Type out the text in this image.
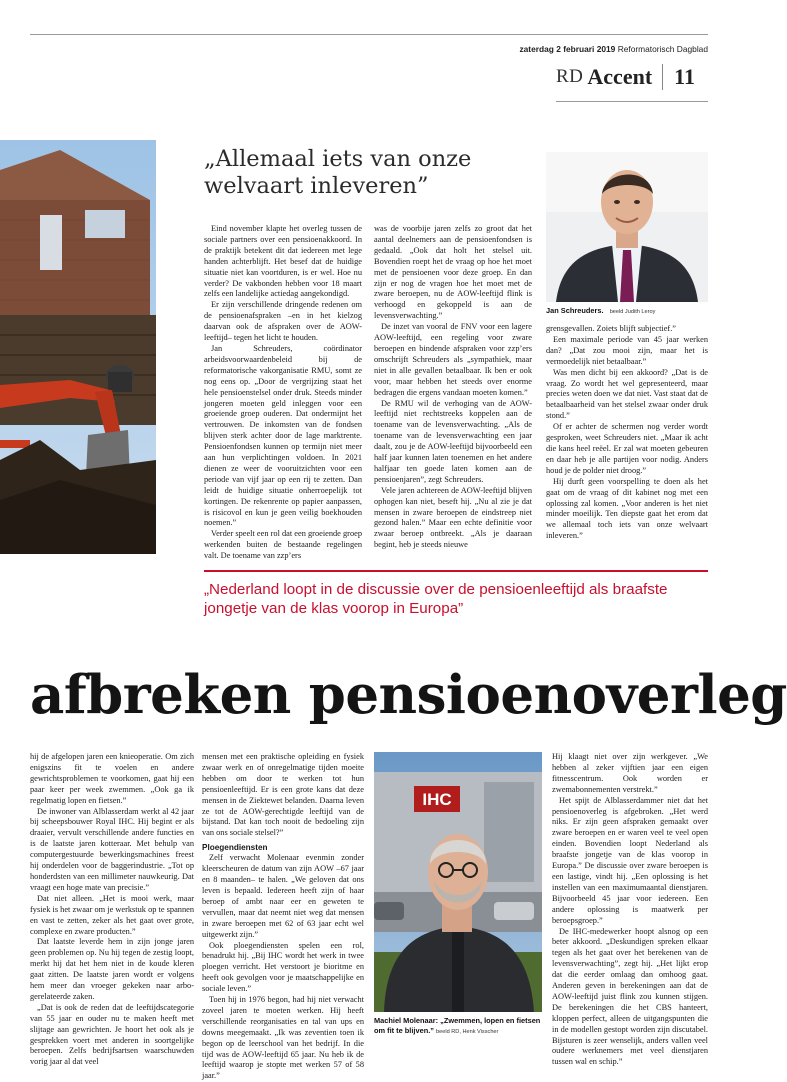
zaterdag 2 februari 2019 Reformatorisch Dagblad
RD Accent 11
„Allemaal iets van onze welvaart inleveren”

Eind november klapte het overleg tussen de sociale partners over een pensioenakkoord. In de praktijk betekent dit dat iedereen met lege handen achterblijft. Het besef dat de huidige situatie niet kan voortduren, is er wel. Hoe nu verder? De vakbonden hebben voor 18 maart zelfs een landelijke actiedag aangekondigd.

Er zijn verschillende dringende redenen om de pensioenafspraken –en in het kielzog daarvan ook de afspraken over de AOW-leeftijd– tegen het licht te houden.

Jan Schreuders, coördinator arbeidsvoorwaardenbeleid bij de reformatorische vakorganisatie RMU, somt ze nog eens op. „Door de vergrijzing staat het hele pensioenstelsel onder druk. Steeds minder jongeren moeten geld inleggen voor een groeiende groep ouderen. Dat ondermijnt het vertrouwen. De inkomsten van de fondsen blijven sterk achter door de lage marktrente. Pensioenfondsen kunnen op termijn niet meer aan hun verplichtingen voldoen. In 2021 dienen ze weer de vooruitzichten voor een periode van vijf jaar op een rij te zetten. Dan leidt de huidige situatie onherroepelijk tot kortingen. De rekenrente op papier aanpassen, is risicovol en kun je geen veilig boekhouden noemen.”

Verder speelt een rol dat een groeiende groep werkenden buiten de bestaande regelingen valt. De toename van zzp’ers

was de voorbije jaren zelfs zo groot dat het aantal deelnemers aan de pensioenfondsen is gedaald. „Ook dat holt het stelsel uit. Bovendien roept het de vraag op hoe het moet met de pensioenen voor deze groep. En dan zijn er nog de vragen hoe het moet met de zware beroepen, nu de AOW-leeftijd flink is verhoogd en gekoppeld is aan de levensverwachting.”

De inzet van vooral de FNV voor een lagere AOW-leeftijd, een regeling voor zware beroepen en bindende afspraken voor zzp’ers omschrijft Schreuders als „sympathiek, maar niet in alle gevallen betaalbaar. Ik ben er ook voor, maar hebben het steeds over enorme bedragen die ergens vandaan moeten komen.”

De RMU wil de verhoging van de AOW-leeftijd niet rechtstreeks koppelen aan de toename van de levensverwachting. „Als de toename van de levensverwachting een jaar daalt, zou je de AOW-leeftijd bijvoorbeeld een half jaar kunnen laten toenemen en het andere halfjaar ten goede laten komen aan de pensioenjaren”, zegt Schreuders.

Vele jaren achtereen de AOW-leeftijd blijven ophogen kan niet, beseft hij. „Nu al zie je dat mensen in zware beroepen de eindstreep niet gezond halen.” Maar een echte definitie voor zwaar beroep ontbreekt. „Als je daaraan begint, heb je steeds nieuwe

Jan Schreuders. beeld Judith Leroy

grensgevallen. Zoiets blijft subjectief.”

Een maximale periode van 45 jaar werken dan? „Dat zou mooi zijn, maar het is vermoedelijk niet betaalbaar.”

Was men dicht bij een akkoord? „Dat is de vraag. Zo wordt het wel gepresenteerd, maar precies weten doen we dat niet. Vast staat dat de betaalbaarheid van het stelsel zwaar onder druk stond.”

Of er achter de schermen nog verder wordt gesproken, weet Schreuders niet. „Maar ik acht die kans heel reëel. Er zal wat moeten gebeuren en daar heb je alle partijen voor nodig. Anders houd je de polder niet droog.”

Hij durft geen voorspelling te doen als het gaat om de vraag of dit kabinet nog met een oplossing zal komen. „Voor anderen is het niet minder moeilijk. Ten diepste gaat het erom dat we allemaal toch iets van onze welvaart inleveren.”

„Nederland loopt in de discussie over de pensioenleeftijd als braafste jongetje van de klas voorop in Europa”
afbreken pensioenoverleg

hij de afgelopen jaren een knieoperatie. Om zich enigszins fit te voelen en andere gewrichtsproblemen te voorkomen, gaat hij een paar keer per week zwemmen. „Ook ga ik regelmatig lopen en fietsen.”

De inwoner van Alblasserdam werkt al 42 jaar bij scheepsbouwer Royal IHC. Hij begint er als draaier, vervult verschillende andere functies en is de laatste jaren kotteraar. Met behulp van computergestuurde bewerkingsmachines freest hij onderdelen voor de baggerindustrie. „Tot op honderdsten van een millimeter nauwkeurig. Dat vraagt een hoge mate van precisie.”

Dat niet alleen. „Het is mooi werk, maar fysiek is het zwaar om je werkstuk op te spannen en vast te zetten, zeker als het gaat over grote, complexe en zware producten.”

Dat laatste leverde hem in zijn jonge jaren geen problemen op. Nu hij tegen de zestig loopt, merkt hij dat het hem niet in de koude kleren gaat zitten. De laatste jaren wordt er volgens hem meer dan vroeger gekeken naar arbo-gerelateerde zaken.

„Dat is ook de reden dat de leeftijdscategorie van 55 jaar en ouder nu te maken heeft met slijtage aan gewrichten. Je hoort het ook als je gesprekken voert met anderen in soortgelijke beroepen. Zelfs bedrijfsartsen waarschuwden vorig jaar al dat veel

mensen met een praktische opleiding en fysiek zwaar werk en of onregelmatige tijden moeite hebben om door te werken tot hun pensioenleeftijd. Er is een grote kans dat deze mensen in de Ziektewet belanden. Daarna leven ze tot de AOW-gerechtigde leeftijd van de bijstand. Dat kan toch nooit de bedoeling zijn van ons sociale stelsel?”

Ploegendiensten

Zelf verwacht Molenaar evenmin zonder kleerscheuren de datum van zijn AOW –67 jaar en 8 maanden– te halen. „We geloven dat ons leven is bepaald. Iedereen heeft zijn of haar beroep of ambt naar eer en geweten te vervullen, maar dat neemt niet weg dat mensen in zware beroepen met 62 of 63 jaar echt wel uitgewerkt zijn.”

Ook ploegendiensten spelen een rol, benadrukt hij. „Bij IHC wordt het werk in twee ploegen verricht. Het verstoort je bioritme en heeft ook gevolgen voor je maatschappelijke en sociale leven.”

Toen hij in 1976 begon, had hij niet verwacht zoveel jaren te moeten werken. Hij heeft verschillende reorganisaties en tal van ups en downs meegemaakt. „Ik was zeventien toen ik begon op de leerschool van het bedrijf. In die tijd was de AOW-leeftijd 65 jaar. Nu heb ik de leeftijd waarop je stopte met werken 57 of 58 jaar.”

IHC
Machiel Molenaar: „Zwemmen, lopen en fietsen om fit te blijven.” beeld RD, Henk Visscher

Hij klaagt niet over zijn werkgever. „We hebben al zeker vijftien jaar een eigen fitnesscentrum. Ook worden er zwemabonnementen verstrekt.”

Het spijt de Alblasserdammer niet dat het pensioenoverleg is afgebroken. „Het werd niks. Er zijn geen afspraken gemaakt over zware beroepen en er waren veel te veel open einden. Bovendien loopt Nederland als braafste jongetje van de klas voorop in Europa.” De discussie over zware beroepen is een lastige, vindt hij. „Een oplossing is het instellen van een maximumaantal dienstjaren. Bijvoorbeeld 45 jaar voor iedereen. Een andere oplossing is maatwerk per beroepsgroep.”

De IHC-medewerker hoopt alsnog op een beter akkoord. „Deskundigen spreken elkaar tegen als het gaat over het berekenen van de levensverwachting”, zegt hij. „Het lijkt erop dat die eerder omlaag dan omhoog gaat. Anderen geven in berekeningen aan dat de AOW-leeftijd juist flink zou kunnen stijgen. De berekeningen die het CBS hanteert, kloppen perfect, alleen de uitgangspunten die in de modellen gestopt worden zijn discutabel. Bijsturen is zeer wenselijk, anders vallen veel oudere werknemers met veel dienstjaren tussen wal en schip.”
